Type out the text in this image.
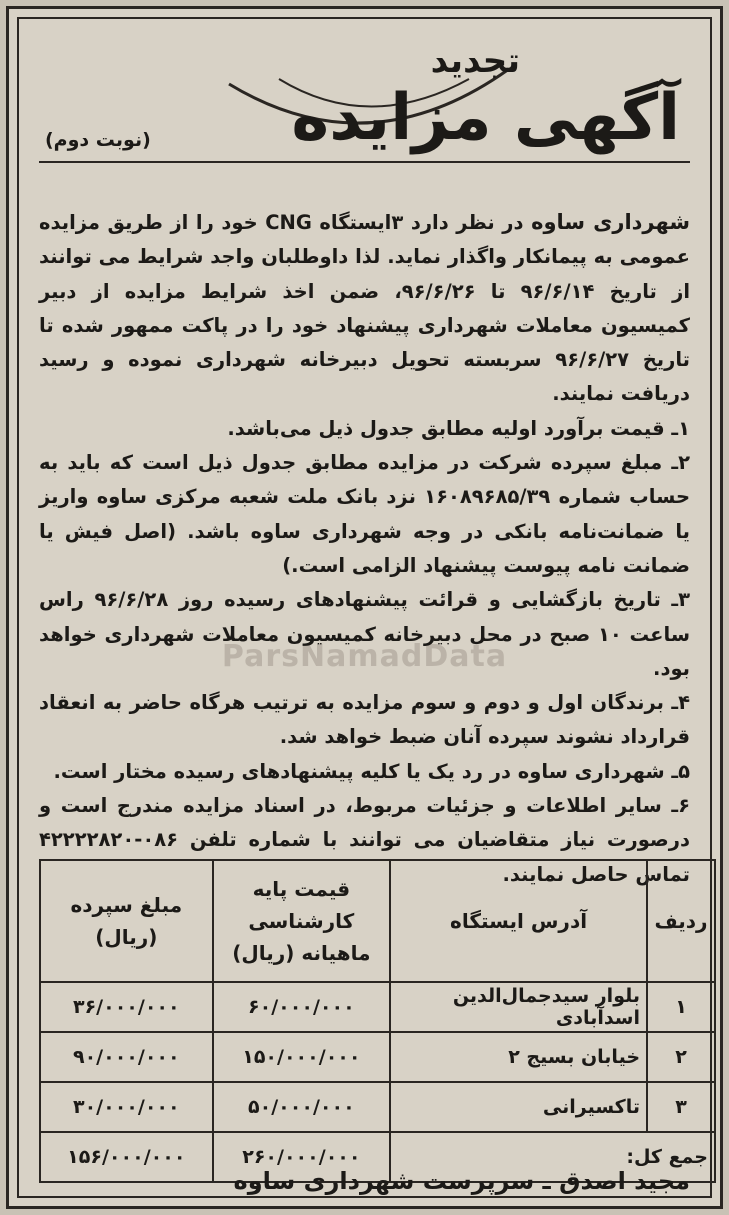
تجدید
آگهی مزایده
(نوبت دوم)
ParsNamadData

شهرداری ساوه در نظر دارد ۳ایستگاه CNG خود را از طریق مزایده عمومی به پیمانکار واگذار نماید. لذا داوطلبان واجد شرایط می توانند از تاریخ ۹۶/۶/۱۴ تا ۹۶/۶/۲۶، ضمن اخذ شرایط مزایده از دبیر کمیسیون معاملات شهرداری پیشنهاد خود را در پاکت ممهور شده تا تاریخ ۹۶/۶/۲۷ سربسته تحویل دبیرخانه شهرداری نموده و رسید دریافت نمایند.

۱ـ قیمت برآورد اولیه مطابق جدول ذیل می‌باشد.

۲ـ مبلغ سپرده شرکت در مزایده مطابق جدول ذیل است که باید به حساب شماره ۱۶۰۸۹۶۸۵/۳۹ نزد بانک ملت شعبه مرکزی ساوه واریز یا ضمانت‌نامه بانکی در وجه شهرداری ساوه باشد. (اصل فیش یا ضمانت نامه پیوست پیشنهاد الزامی است.)

۳ـ تاریخ بازگشایی و قرائت پیشنهادهای رسیده روز ۹۶/۶/۲۸ راس ساعت ۱۰ صبح در محل دبیرخانه کمیسیون معاملات شهرداری خواهد بود.

۴ـ برندگان اول و دوم و سوم مزایده به ترتیب هرگاه حاضر به انعقاد قرارداد نشوند سپرده آنان ضبط خواهد شد.

۵ـ شهرداری ساوه در رد یک یا کلیه پیشنهادهای رسیده مختار است.

۶ـ سایر اطلاعات و جزئیات مربوط، در اسناد مزایده مندرج است و درصورت نیاز متقاضیان می توانند با شماره تلفن ۰۸۶-۴۲۲۲۲۸۲۰ تماس حاصل نمایند.

ردیف	آدرس ایستگاه	قیمت پایه کارشناسی ماهیانه (ریال)	مبلغ سپرده (ریال)
۱	بلوار سیدجمال‌الدین اسدآبادی	۶۰/۰۰۰/۰۰۰	۳۶/۰۰۰/۰۰۰
۲	خیابان بسیج ۲	۱۵۰/۰۰۰/۰۰۰	۹۰/۰۰۰/۰۰۰
۳	تاکسیرانی	۵۰/۰۰۰/۰۰۰	۳۰/۰۰۰/۰۰۰
جمع کل:		۲۶۰/۰۰۰/۰۰۰	۱۵۶/۰۰۰/۰۰۰
مجید اصدق ـ سرپرست شهرداری ساوه
